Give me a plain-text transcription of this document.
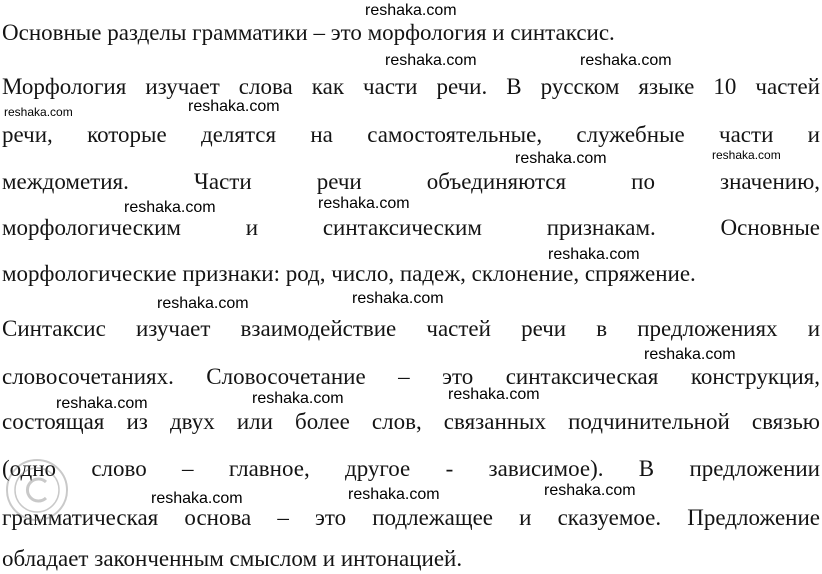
reshaka.com

Основные разделы грамматики – это морфология и синтаксис.

Морфология изучает слова как части речи. В русском языке 10 частей

речи, которые делятся на самостоятельные, служебные части и

междометия. Части речи объединяются по значению,

морфологическим и синтаксическим признакам. Основные

морфологические признаки: род, число, падеж, склонение, спряжение.

Синтаксис изучает взаимодействие частей речи в предложениях и

словосочетаниях. Словосочетание – это синтаксическая конструкция,

состоящая из двух или более слов, связанных подчинительной связью

(одно слово – главное, другое - зависимое). В предложении

грамматическая основа – это подлежащее и сказуемое. Предложение

обладает законченным смыслом и интонацией.

reshaka.com	reshaka.com
reshaka.com	reshaka.com
reshaka.com	reshaka.com
reshaka.com
reshaka.com
reshaka.com
reshaka.com
reshaka.com
reshaka.com
reshaka.com
reshaka.com
reshaka.com
reshaka.com
reshaka.com
reshaka.com
